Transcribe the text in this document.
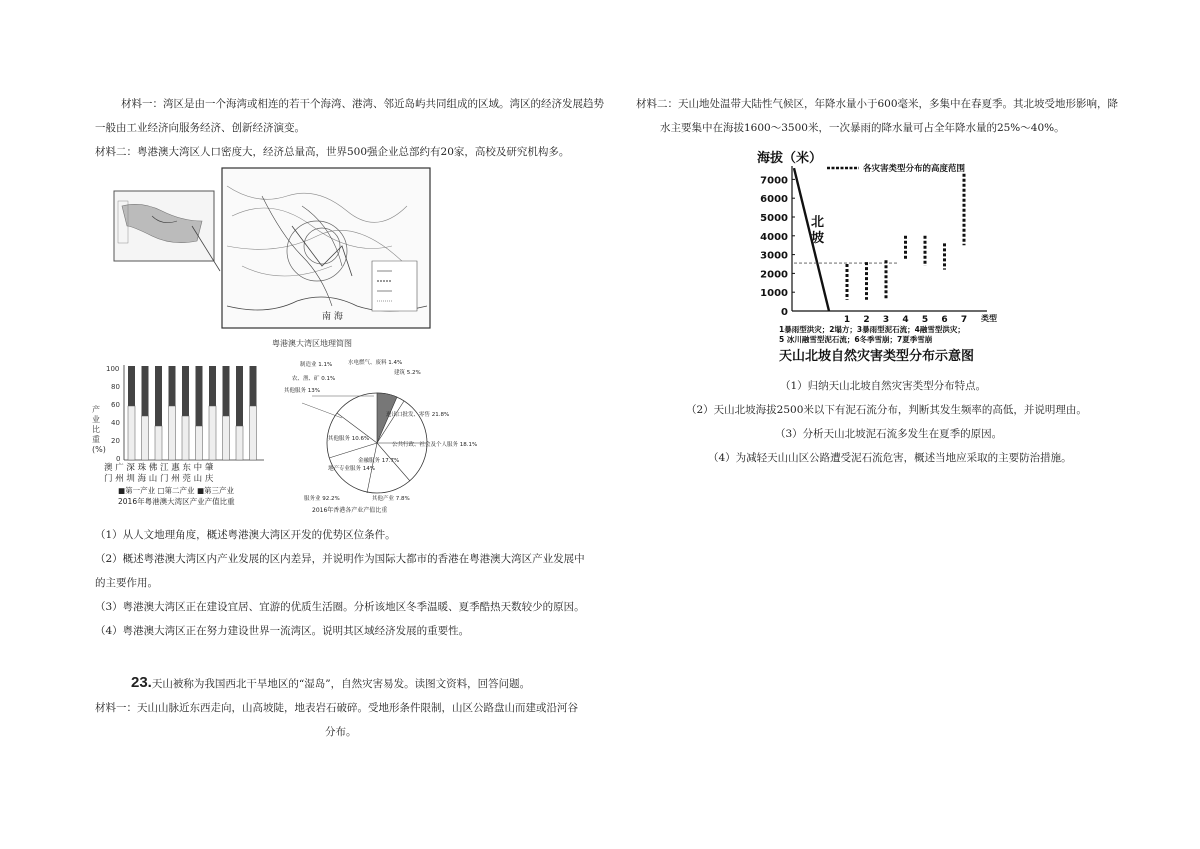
材料一：湾区是由一个海湾或相连的若干个海湾、港湾、邻近岛屿共同组成的区域。湾区的经济发展趋势
一般由工业经济向服务经济、创新经济演变。
材料二：粤港澳大湾区人口密度大，经济总量高，世界500强企业总部约有20家，高校及研究机构多。
南 海
粤港澳大湾区地理简图
产
业
比
重
(%)
100
80
60
40
20
0
澳 广 深 珠 佛 江 惠 东 中 肇
门 州 圳 海 山 门 州 莞 山 庆
■第一产业 □第二产业 ■第三产业
2016年粤港澳大湾区产业产值比重
制造业 1.1%	水电燃气、废料 1.4%
建筑 5.2%
农、渔、矿 0.1%
其他服务 13%
进出口批发、零售 21.8%
金融服务 17.7%
地产专业服务 14%
公共行政、社会及个人服务 18.1%
其他服务 10.6%
服务业 92.2%	其他产业 7.8%
2016年香港各产业产值比重
（1）从人文地理角度，概述粤港澳大湾区开发的优势区位条件。
（2）概述粤港澳大湾区内产业发展的区内差异，并说明作为国际大都市的香港在粤港澳大湾区产业发展中
的主要作用。
（3）粤港澳大湾区正在建设宜居、宜游的优质生活圈。分析该地区冬季温暖、夏季酷热天数较少的原因。
（4）粤港澳大湾区正在努力建设世界一流湾区。说明其区域经济发展的重要性。
23.天山被称为我国西北干旱地区的“湿岛”，自然灾害易发。读图文资料，回答问题。
材料一：天山山脉近东西走向，山高坡陡，地表岩石破碎。受地形条件限制，山区公路盘山而建或沿河谷
分布。
材料二：天山地处温带大陆性气候区，年降水量小于600毫米，多集中在春夏季。其北坡受地形影响，降
水主要集中在海拔1600～3500米，一次暴雨的降水量可占全年降水量的25%～40%。
海拔（米）
各灾害类型分布的高度范围
0
1000
2000
3000
4000
5000
6000
7000
北
坡
1 2 3 4 5 6 7 类型
1暴雨型洪灾；2塌方；3暴雨型泥石流；4融雪型洪灾；
5 冰川融雪型泥石流；6冬季雪崩；7夏季雪崩
天山北坡自然灾害类型分布示意图
（1）归纳天山北坡自然灾害类型分布特点。
（2）天山北坡海拔2500米以下有泥石流分布，判断其发生频率的高低，并说明理由。
（3）分析天山北坡泥石流多发生在夏季的原因。
（4）为减轻天山山区公路遭受泥石流危害，概述当地应采取的主要防治措施。
